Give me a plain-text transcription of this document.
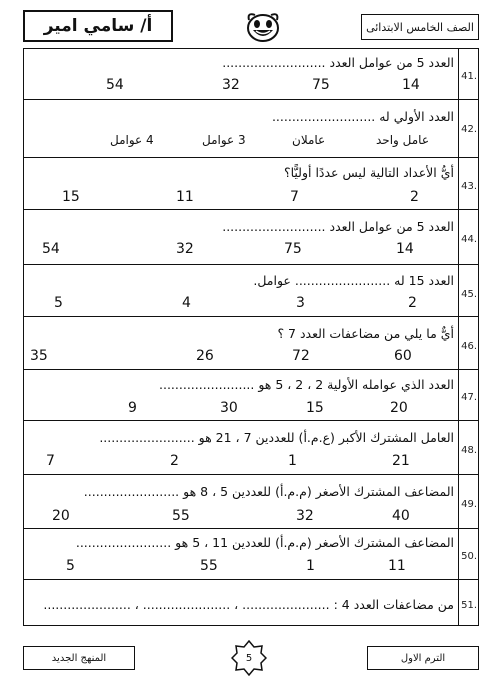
أ/ سامي امير	الصف الخامس الابتدائى
41.
العدد 5 من عوامل العدد ..........................
14
75
32
54
42.
العدد الأولي له ..........................
عامل واحد
عاملان
3 عوامل
4 عوامل
43.
أيُّ الأعداد التالية ليس عددًا أوليًّا؟
2
7
11
15
44.
العدد 5 من عوامل العدد ..........................
14
75
32
54
45.
العدد 15 له ........................ عوامل.
2
3
4
5
46.
أيٌّ ما يلي من مضاعفات العدد 7 ؟
60
72
26
35
47.
العدد الذي عوامله الأولية 2 ، 2 ، 5 هو ........................
20
15
30
9
48.
العامل المشترك الأكبر (ع.م.أ) للعددين 7 ، 21 هو ........................
21
1
2
7
49.
المضاعف المشترك الأصغر (م.م.أ) للعددين 5 ، 8 هو ........................
40
32
55
20
50.
المضاعف المشترك الأصغر (م.م.أ) للعددين 11 ، 5 هو ........................
11
1
55
5
51.
من مضاعفات العدد 4 : ...................... ، ...................... ، ......................
المنهج الجديد	5	الترم الاول
